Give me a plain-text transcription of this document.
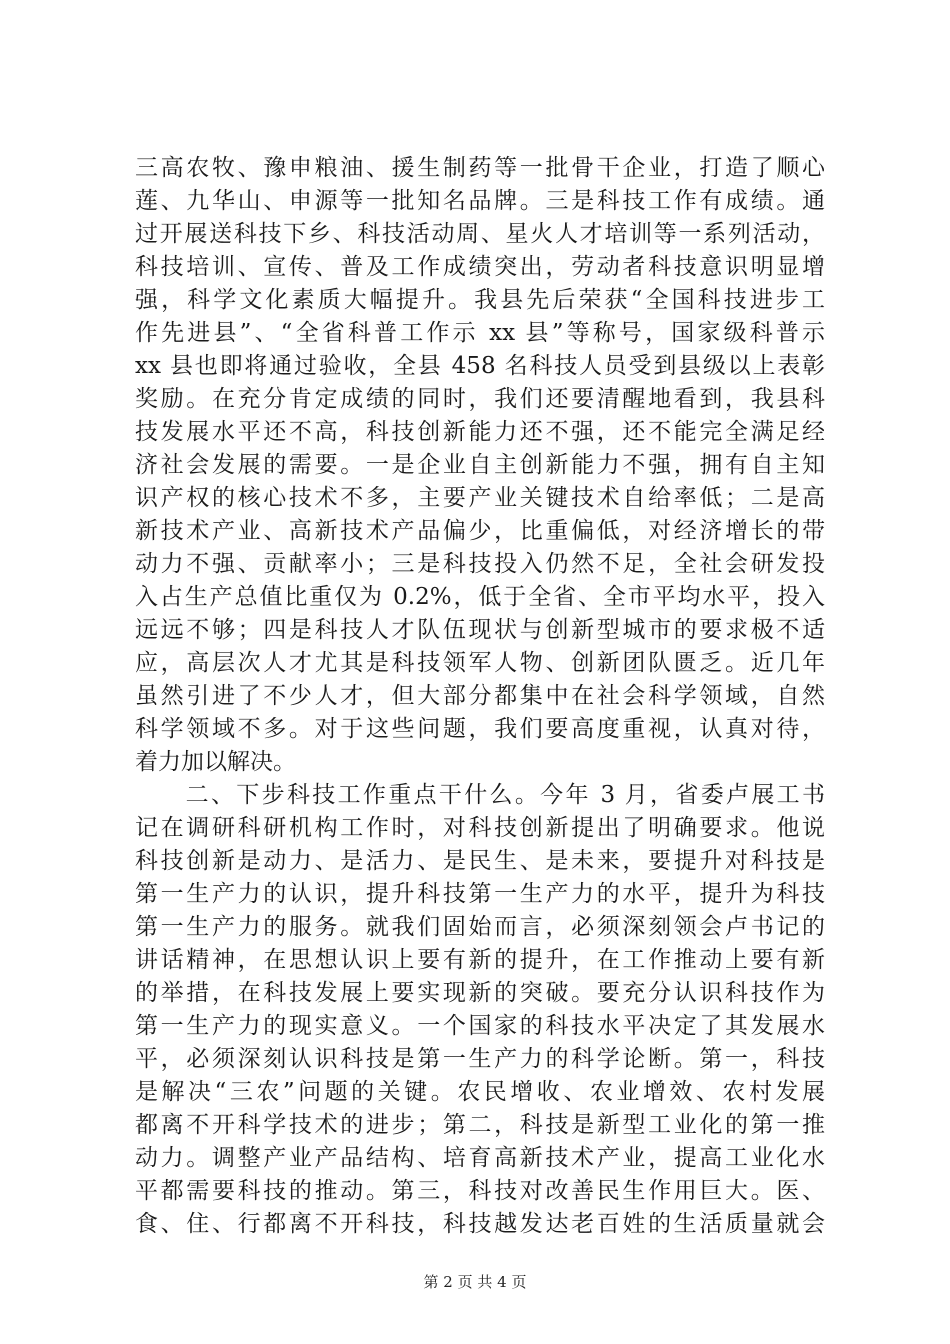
三高农牧、豫申粮油、援生制药等一批骨干企业，打造了顺心
莲、九华山、申源等一批知名品牌。三是科技工作有成绩。通
过开展送科技下乡、科技活动周、星火人才培训等一系列活动，
科技培训、宣传、普及工作成绩突出，劳动者科技意识明显增
强，科学文化素质大幅提升。我县先后荣获“全国科技进步工
作先进县”、“全省科普工作示 xx 县”等称号，国家级科普示
xx 县也即将通过验收，全县 458 名科技人员受到县级以上表彰
奖励。在充分肯定成绩的同时，我们还要清醒地看到，我县科
技发展水平还不高，科技创新能力还不强，还不能完全满足经
济社会发展的需要。一是企业自主创新能力不强，拥有自主知
识产权的核心技术不多，主要产业关键技术自给率低；二是高
新技术产业、高新技术产品偏少，比重偏低，对经济增长的带
动力不强、贡献率小；三是科技投入仍然不足，全社会研发投
入占生产总值比重仅为 0.2%，低于全省、全市平均水平，投入
远远不够；四是科技人才队伍现状与创新型城市的要求极不适
应，高层次人才尤其是科技领军人物、创新团队匮乏。近几年
虽然引进了不少人才，但大部分都集中在社会科学领域，自然
科学领域不多。对于这些问题，我们要高度重视，认真对待，
着力加以解决。
　　二、下步科技工作重点干什么。今年 3 月，省委卢展工书
记在调研科研机构工作时，对科技创新提出了明确要求。他说
科技创新是动力、是活力、是民生、是未来，要提升对科技是
第一生产力的认识，提升科技第一生产力的水平，提升为科技
第一生产力的服务。就我们固始而言，必须深刻领会卢书记的
讲话精神，在思想认识上要有新的提升，在工作推动上要有新
的举措，在科技发展上要实现新的突破。要充分认识科技作为
第一生产力的现实意义。一个国家的科技水平决定了其发展水
平，必须深刻认识科技是第一生产力的科学论断。第一，科技
是解决“三农”问题的关键。农民增收、农业增效、农村发展
都离不开科学技术的进步；第二，科技是新型工业化的第一推
动力。调整产业产品结构、培育高新技术产业，提高工业化水
平都需要科技的推动。第三，科技对改善民生作用巨大。医、
食、住、行都离不开科技，科技越发达老百姓的生活质量就会
第 2 页 共 4 页
